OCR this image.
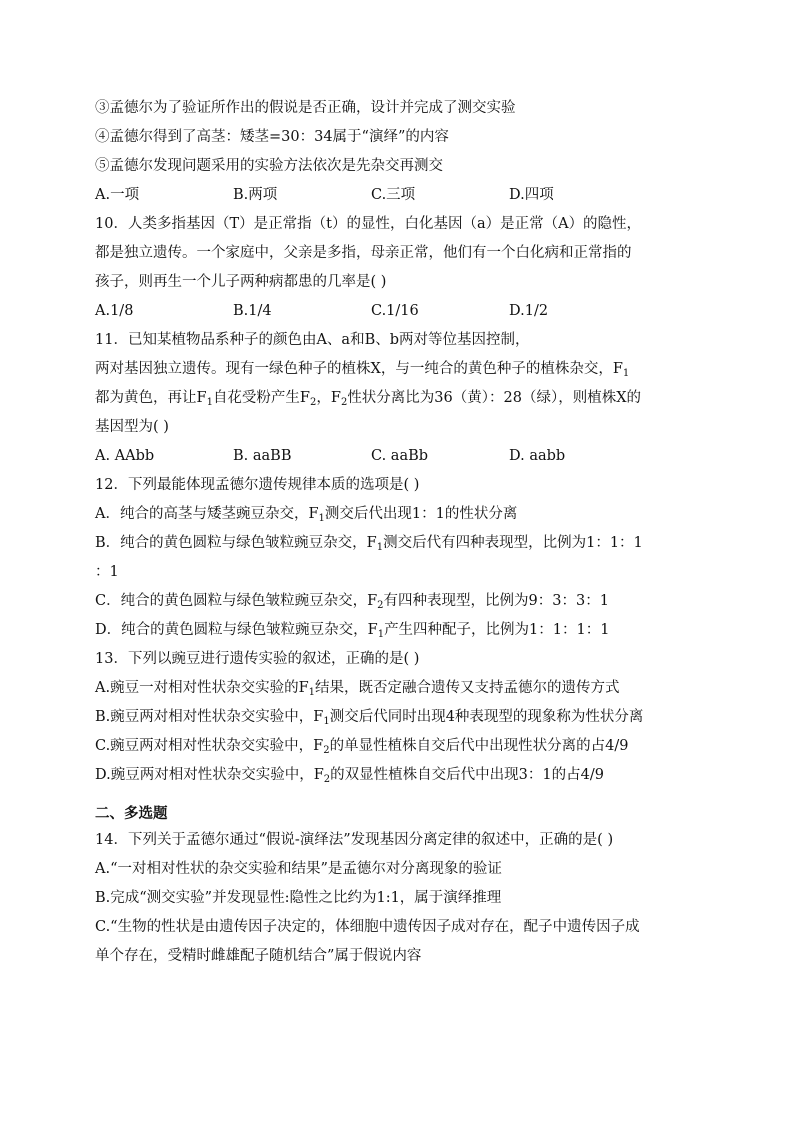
③孟德尔为了验证所作出的假说是否正确，设计并完成了测交实验
④孟德尔得到了高茎：矮茎=30：34属于“演绎”的内容
⑤孟德尔发现问题采用的实验方法依次是先杂交再测交
A.一项	B.两项	C.三项	D.四项
10．人类多指基因（T）是正常指（t）的显性，白化基因（a）是正常（A）的隐性，
都是独立遗传。一个家庭中，父亲是多指，母亲正常，他们有一个白化病和正常指的
孩子，则再生一个儿子两种病都患的几率是( )
A.1/8	B.1/4	C.1/16	D.1/2
11．已知某植物品系种子的颜色由A、a和B、b两对等位基因控制，
两对基因独立遗传。现有一绿色种子的植株X，与一纯合的黄色种子的植株杂交，$F_1$
都为黄色，再让$F_1$自花受粉产生$F_2$，$F_2$性状分离比为36（黄）：28（绿），则植株X的
基因型为( )
A. AAbb	B. aaBB	C. aaBb	D. aabb
12．下列最能体现孟德尔遗传规律本质的选项是( )
A．纯合的高茎与矮茎豌豆杂交，$F_1$测交后代出现1：1的性状分离
B．纯合的黄色圆粒与绿色皱粒豌豆杂交，$F_1$测交后代有四种表现型，比例为1：1：1
：1
C．纯合的黄色圆粒与绿色皱粒豌豆杂交，$F_2$有四种表现型，比例为9：3：3：1
D．纯合的黄色圆粒与绿色皱粒豌豆杂交，$F_1$产生四种配子，比例为1：1：1：1
13．下列以豌豆进行遗传实验的叙述，正确的是( )
A.豌豆一对相对性状杂交实验的$F_1$结果，既否定融合遗传又支持孟德尔的遗传方式
B.豌豆两对相对性状杂交实验中，$F_1$测交后代同时出现4种表现型的现象称为性状分离
C.豌豆两对相对性状杂交实验中，$F_2$的单显性植株自交后代中出现性状分离的占4/9
D.豌豆两对相对性状杂交实验中，$F_2$的双显性植株自交后代中出现3：1的占4/9
二、多选题
14．下列关于孟德尔通过“假说-演绎法”发现基因分离定律的叙述中，正确的是( )
A.“一对相对性状的杂交实验和结果”是孟德尔对分离现象的验证
B.完成“测交实验”并发现显性:隐性之比约为1:1，属于演绎推理
C.“生物的性状是由遗传因子决定的，体细胞中遗传因子成对存在，配子中遗传因子成
单个存在，受精时雌雄配子随机结合”属于假说内容
